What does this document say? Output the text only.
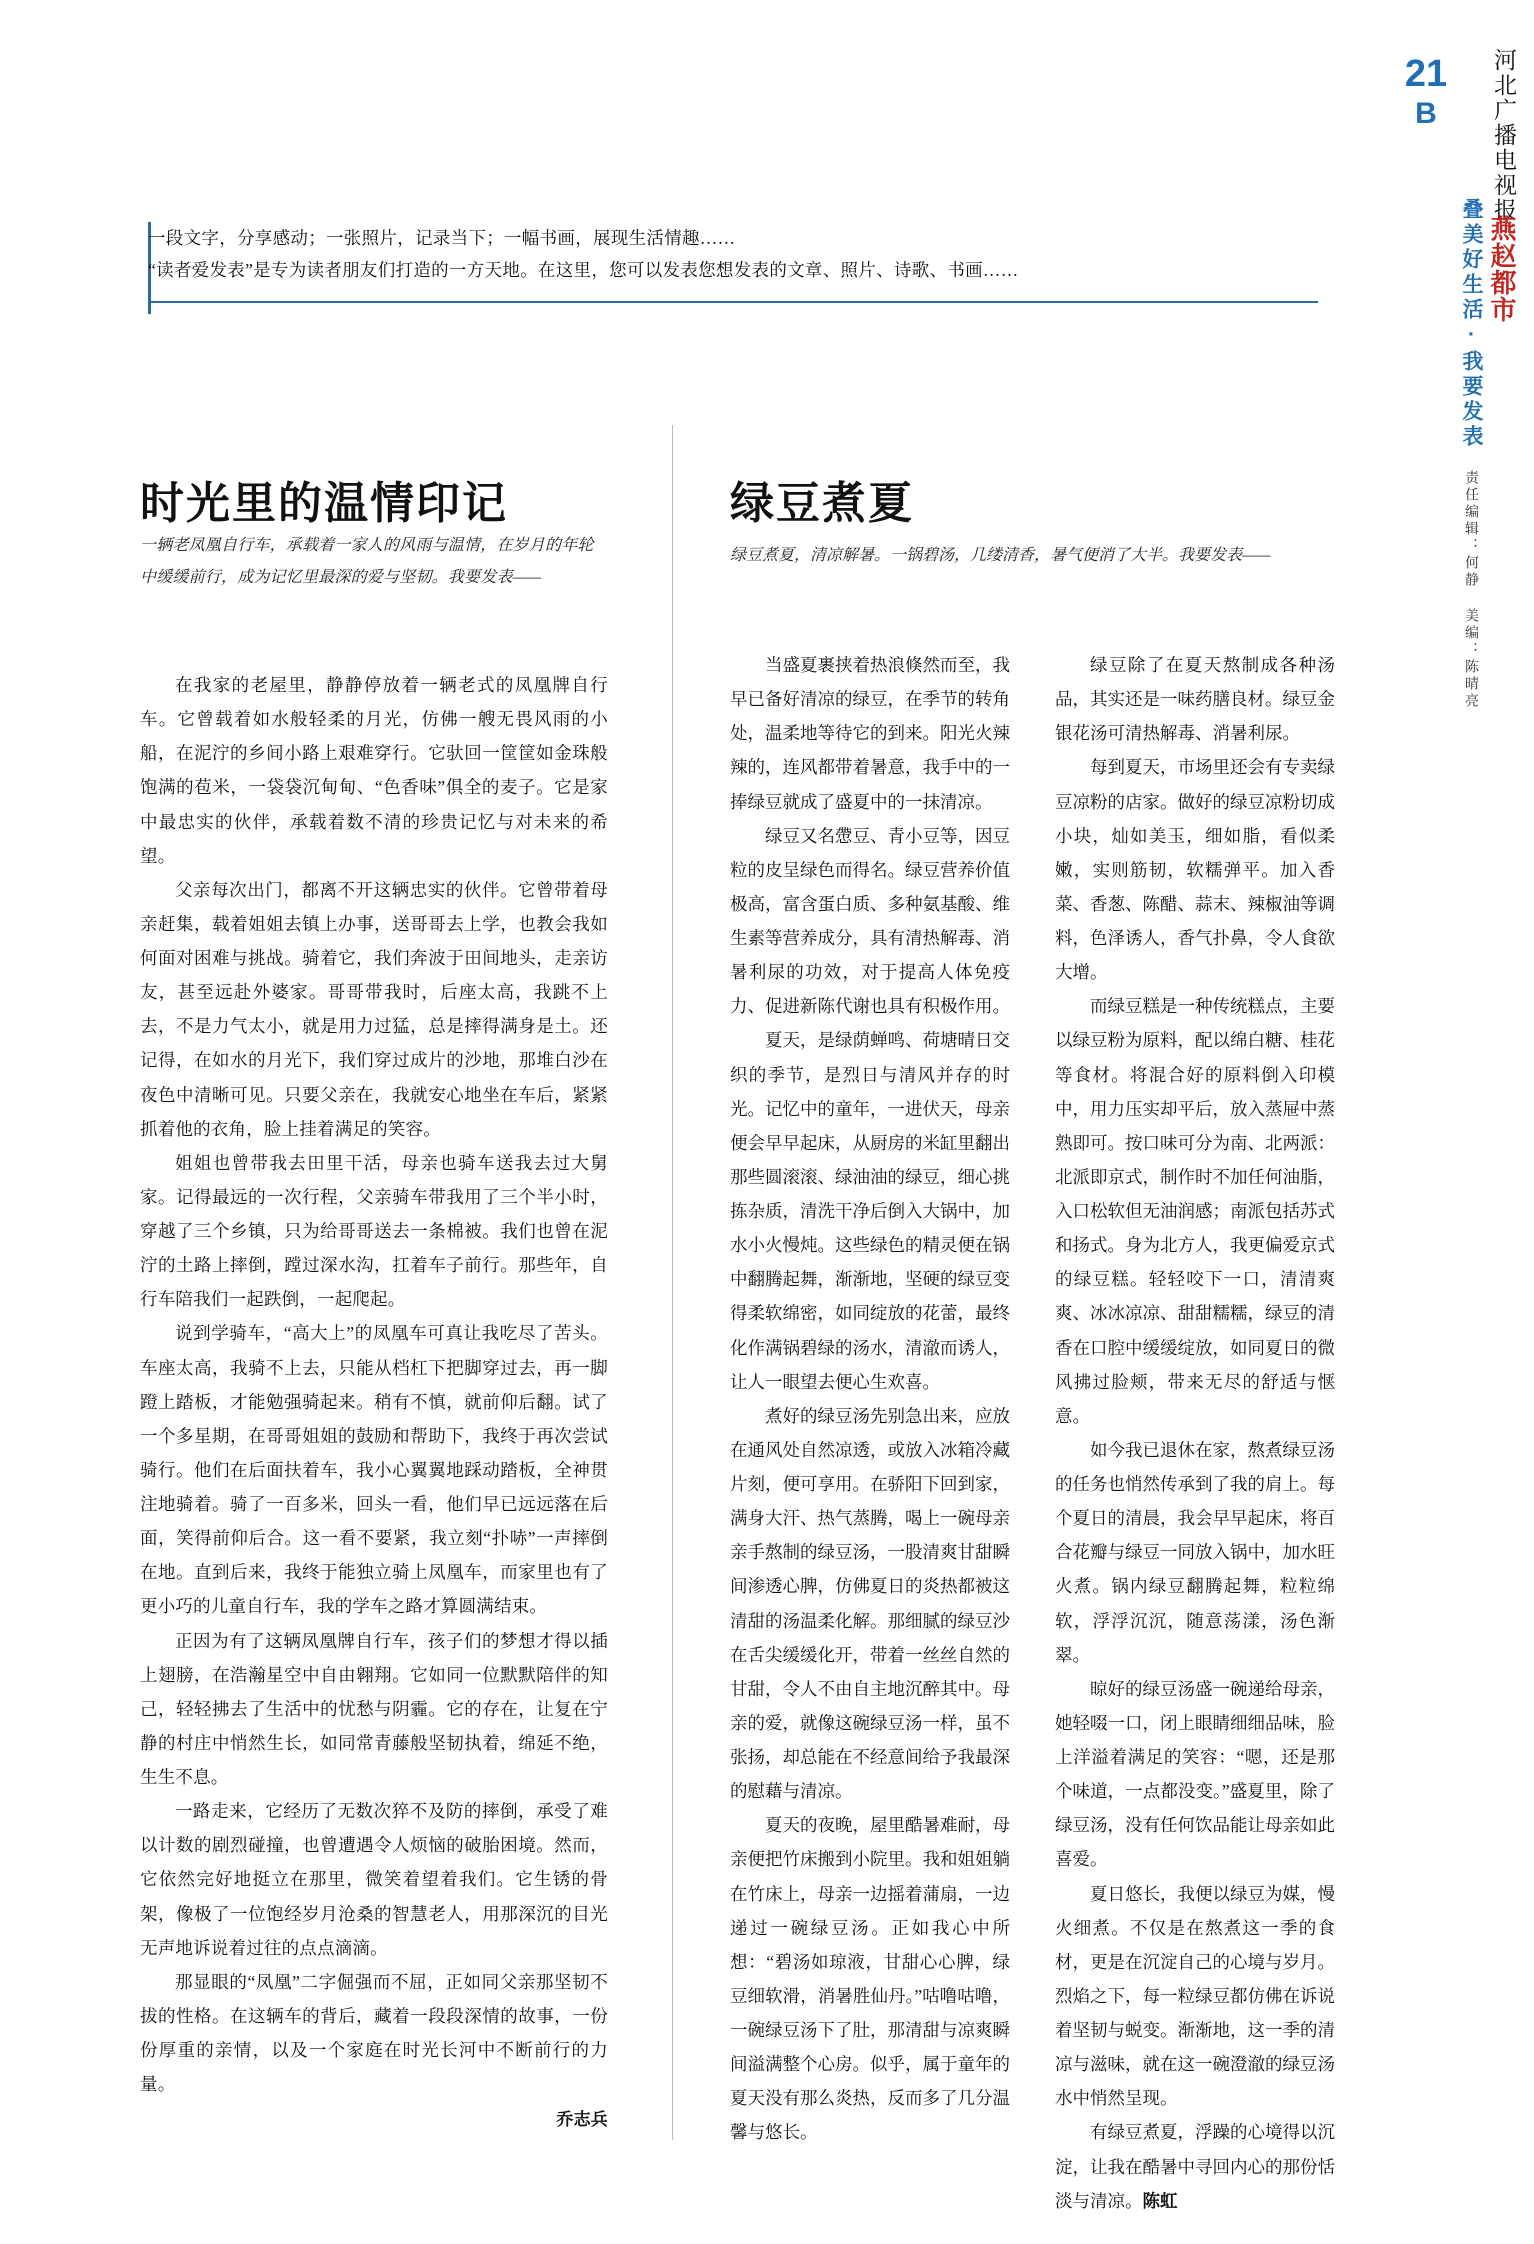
21
B	河北广播电视报
燕赵都市
叠美好生活·我要发表
责任编辑：何静 美编：陈晴亮
一段文字，分享感动；一张照片，记录当下；一幅书画，展现生活情趣……
“读者爱发表”是专为读者朋友们打造的一方天地。在这里，您可以发表您想发表的文章、照片、诗歌、书画……
时光里的温情印记
一辆老凤凰自行车，承载着一家人的风雨与温情，在岁月的年轮中缓缓前行，成为记忆里最深的爱与坚韧。我要发表——

在我家的老屋里，静静停放着一辆老式的凤凰牌自行车。它曾载着如水般轻柔的月光，仿佛一艘无畏风雨的小船，在泥泞的乡间小路上艰难穿行。它驮回一筐筐如金珠般饱满的苞米，一袋袋沉甸甸、“色香味”俱全的麦子。它是家中最忠实的伙伴，承载着数不清的珍贵记忆与对未来的希望。

父亲每次出门，都离不开这辆忠实的伙伴。它曾带着母亲赶集，载着姐姐去镇上办事，送哥哥去上学，也教会我如何面对困难与挑战。骑着它，我们奔波于田间地头，走亲访友，甚至远赴外婆家。哥哥带我时，后座太高，我跳不上去，不是力气太小，就是用力过猛，总是摔得满身是土。还记得，在如水的月光下，我们穿过成片的沙地，那堆白沙在夜色中清晰可见。只要父亲在，我就安心地坐在车后，紧紧抓着他的衣角，脸上挂着满足的笑容。

姐姐也曾带我去田里干活，母亲也骑车送我去过大舅家。记得最远的一次行程，父亲骑车带我用了三个半小时，穿越了三个乡镇，只为给哥哥送去一条棉被。我们也曾在泥泞的土路上摔倒，蹚过深水沟，扛着车子前行。那些年，自行车陪我们一起跌倒，一起爬起。

说到学骑车，“高大上”的凤凰车可真让我吃尽了苦头。车座太高，我骑不上去，只能从档杠下把脚穿过去，再一脚蹬上踏板，才能勉强骑起来。稍有不慎，就前仰后翻。试了一个多星期，在哥哥姐姐的鼓励和帮助下，我终于再次尝试骑行。他们在后面扶着车，我小心翼翼地踩动踏板，全神贯注地骑着。骑了一百多米，回头一看，他们早已远远落在后面，笑得前仰后合。这一看不要紧，我立刻“扑哧”一声摔倒在地。直到后来，我终于能独立骑上凤凰车，而家里也有了更小巧的儿童自行车，我的学车之路才算圆满结束。

正因为有了这辆凤凰牌自行车，孩子们的梦想才得以插上翅膀，在浩瀚星空中自由翱翔。它如同一位默默陪伴的知己，轻轻拂去了生活中的忧愁与阴霾。它的存在，让复在宁静的村庄中悄然生长，如同常青藤般坚韧执着，绵延不绝，生生不息。

一路走来，它经历了无数次猝不及防的摔倒，承受了难以计数的剧烈碰撞，也曾遭遇令人烦恼的破胎困境。然而，它依然完好地挺立在那里，微笑着望着我们。它生锈的骨架，像极了一位饱经岁月沧桑的智慧老人，用那深沉的目光无声地诉说着过往的点点滴滴。

那显眼的“凤凰”二字倔强而不屈，正如同父亲那坚韧不拔的性格。在这辆车的背后，藏着一段段深情的故事，一份份厚重的亲情，以及一个家庭在时光长河中不断前行的力量。

乔志兵
绿豆煮夏
绿豆煮夏，清凉解暑。一锅碧汤，几缕清香，暑气便消了大半。我要发表——

当盛夏裹挟着热浪倏然而至，我早已备好清凉的绿豆，在季节的转角处，温柔地等待它的到来。阳光火辣辣的，连风都带着暑意，我手中的一捧绿豆就成了盛夏中的一抹清凉。

绿豆又名慸豆、青小豆等，因豆粒的皮呈绿色而得名。绿豆营养价值极高，富含蛋白质、多种氨基酸、维生素等营养成分，具有清热解毒、消暑利尿的功效，对于提高人体免疫力、促进新陈代谢也具有积极作用。

夏天，是绿荫蝉鸣、荷塘晴日交织的季节，是烈日与清风并存的时光。记忆中的童年，一进伏天，母亲便会早早起床，从厨房的米缸里翻出那些圆滚滚、绿油油的绿豆，细心挑拣杂质，清洗干净后倒入大锅中，加水小火慢炖。这些绿色的精灵便在锅中翻腾起舞，渐渐地，坚硬的绿豆变得柔软绵密，如同绽放的花蕾，最终化作满锅碧绿的汤水，清澈而诱人，让人一眼望去便心生欢喜。

煮好的绿豆汤先别急出来，应放在通风处自然凉透，或放入冰箱冷藏片刻，便可享用。在骄阳下回到家，满身大汗、热气蒸腾，喝上一碗母亲亲手熬制的绿豆汤，一股清爽甘甜瞬间渗透心脾，仿佛夏日的炎热都被这清甜的汤温柔化解。那细腻的绿豆沙在舌尖缓缓化开，带着一丝丝自然的甘甜，令人不由自主地沉醉其中。母亲的爱，就像这碗绿豆汤一样，虽不张扬，却总能在不经意间给予我最深的慰藉与清凉。

夏天的夜晚，屋里酷暑难耐，母亲便把竹床搬到小院里。我和姐姐躺在竹床上，母亲一边摇着蒲扇，一边递过一碗绿豆汤。正如我心中所想：“碧汤如琼液，甘甜心心脾，绿豆细软滑，消暑胜仙丹。”咕噜咕噜，一碗绿豆汤下了肚，那清甜与凉爽瞬间溢满整个心房。似乎，属于童年的夏天没有那么炎热，反而多了几分温馨与悠长。

绿豆除了在夏天熬制成各种汤品，其实还是一味药膳良材。绿豆金银花汤可清热解毒、消暑利尿。

每到夏天，市场里还会有专卖绿豆凉粉的店家。做好的绿豆凉粉切成小块，灿如美玉，细如脂，看似柔嫩，实则筋韧，软糯弹平。加入香菜、香葱、陈醋、蒜末、辣椒油等调料，色泽诱人，香气扑鼻，令人食欲大增。

而绿豆糕是一种传统糕点，主要以绿豆粉为原料，配以绵白糖、桂花等食材。将混合好的原料倒入印模中，用力压实却平后，放入蒸屉中蒸熟即可。按口味可分为南、北两派：北派即京式，制作时不加任何油脂，入口松软但无油润感；南派包括苏式和扬式。身为北方人，我更偏爱京式的绿豆糕。轻轻咬下一口，清清爽爽、冰冰凉凉、甜甜糯糯，绿豆的清香在口腔中缓缓绽放，如同夏日的微风拂过脸颊，带来无尽的舒适与惬意。

如今我已退休在家，熬煮绿豆汤的任务也悄然传承到了我的肩上。每个夏日的清晨，我会早早起床，将百合花瓣与绿豆一同放入锅中，加水旺火煮。锅内绿豆翻腾起舞，粒粒绵软，浮浮沉沉，随意荡漾，汤色渐翠。

晾好的绿豆汤盛一碗递给母亲，她轻啜一口，闭上眼睛细细品味，脸上洋溢着满足的笑容：“嗯，还是那个味道，一点都没变。”盛夏里，除了绿豆汤，没有任何饮品能让母亲如此喜爱。

夏日悠长，我便以绿豆为媒，慢火细煮。不仅是在熬煮这一季的食材，更是在沉淀自己的心境与岁月。烈焰之下，每一粒绿豆都仿佛在诉说着坚韧与蜕变。渐渐地，这一季的清凉与滋味，就在这一碗澄澈的绿豆汤水中悄然呈现。

有绿豆煮夏，浮躁的心境得以沉淀，让我在酷暑中寻回内心的那份恬淡与清凉。陈虹
